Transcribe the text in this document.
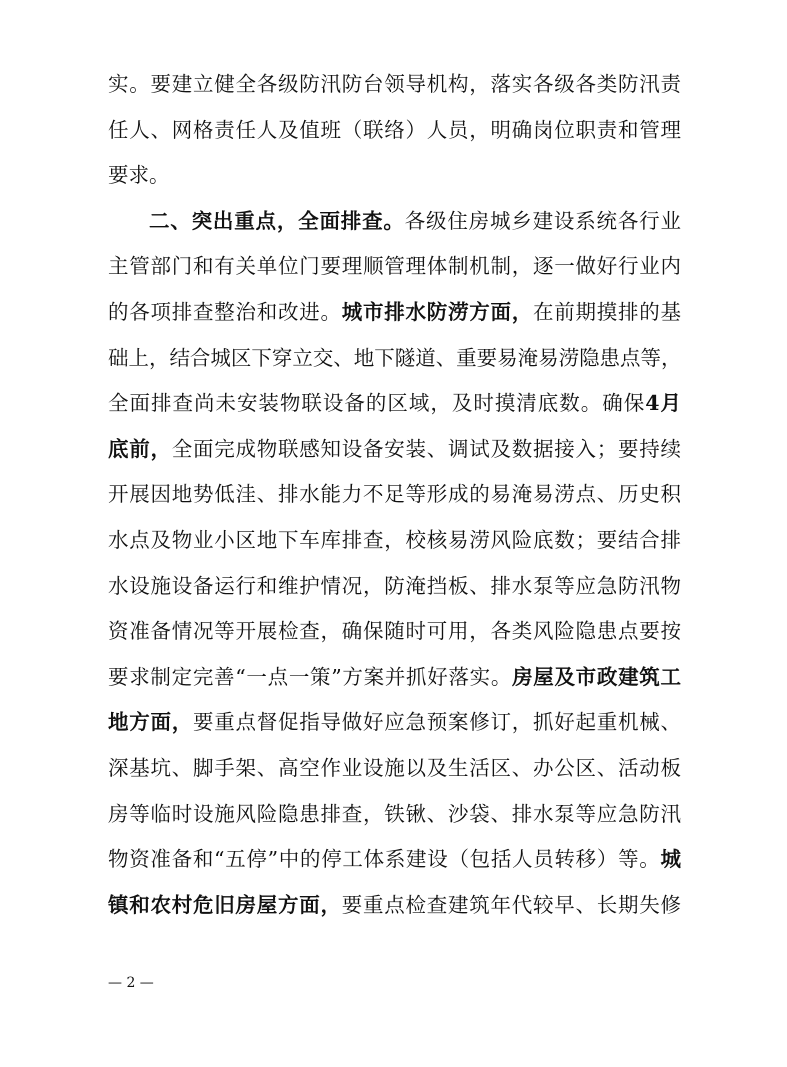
实。要建立健全各级防汛防台领导机构，落实各级各类防汛责
任人、网格责任人及值班（联络）人员，明确岗位职责和管理
要求。
二、突出重点，全面排查。各级住房城乡建设系统各行业
主管部门和有关单位门要理顺管理体制机制，逐一做好行业内
的各项排查整治和改进。城市排水防涝方面，在前期摸排的基
础上，结合城区下穿立交、地下隧道、重要易淹易涝隐患点等，
全面排查尚未安装物联设备的区域，及时摸清底数。确保4月
底前，全面完成物联感知设备安装、调试及数据接入；要持续
开展因地势低洼、排水能力不足等形成的易淹易涝点、历史积
水点及物业小区地下车库排查，校核易涝风险底数；要结合排
水设施设备运行和维护情况，防淹挡板、排水泵等应急防汛物
资准备情况等开展检查，确保随时可用，各类风险隐患点要按
要求制定完善“一点一策”方案并抓好落实。房屋及市政建筑工
地方面，要重点督促指导做好应急预案修订，抓好起重机械、
深基坑、脚手架、高空作业设施以及生活区、办公区、活动板
房等临时设施风险隐患排查，铁锹、沙袋、排水泵等应急防汛
物资准备和“五停”中的停工体系建设（包括人员转移）等。城
镇和农村危旧房屋方面，要重点检查建筑年代较早、长期失修
— 2 —
